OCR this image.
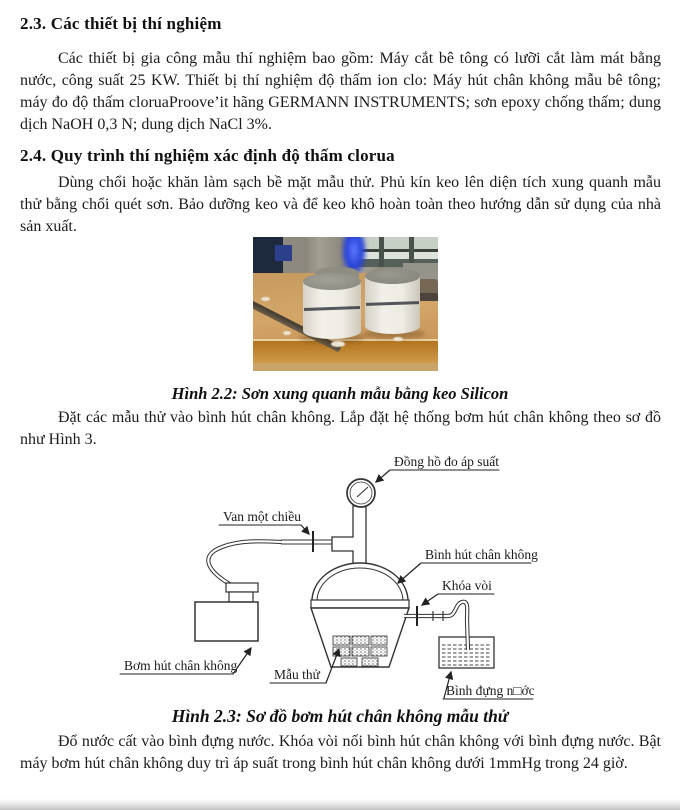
2.3. Các thiết bị thí nghiệm

Các thiết bị gia công mẫu thí nghiệm bao gồm: Máy cắt bê tông có lưỡi cắt làm mát bằng nước, công suất 25 KW. Thiết bị thí nghiệm độ thấm ion clo: Máy hút chân không mẫu bê tông; máy đo độ thấm cloruaProove’it hãng GERMANN INSTRUMENTS; sơn epoxy chống thấm; dung dịch NaOH 0,3 N; dung dịch NaCl 3%.

2.4. Quy trình thí nghiệm xác định độ thấm clorua

Dùng chổi hoặc khăn làm sạch bề mặt mẫu thử. Phủ kín keo lên diện tích xung quanh mẫu thử bằng chổi quét sơn. Bảo dưỡng keo và để keo khô hoàn toàn theo hướng dẫn sử dụng của nhà sản xuất.

Hình 2.2: Sơn xung quanh mẫu bằng keo Silicon

Đặt các mẫu thử vào bình hút chân không. Lắp đặt hệ thống bơm hút chân không theo sơ đồ như Hình 3.

Đồng hồ đo áp suất
Van một chiều
Bình hút chân không
Khóa vòi
Bơm hút chân không
Mẫu thử
Bình đựng n□ớc
Hình 2.3: Sơ đồ bơm hút chân không mẫu thử

Đổ nước cất vào bình đựng nước. Khóa vòi nối bình hút chân không với bình đựng nước. Bật máy bơm hút chân không duy trì áp suất trong bình hút chân không dưới 1mmHg trong 24 giờ.
